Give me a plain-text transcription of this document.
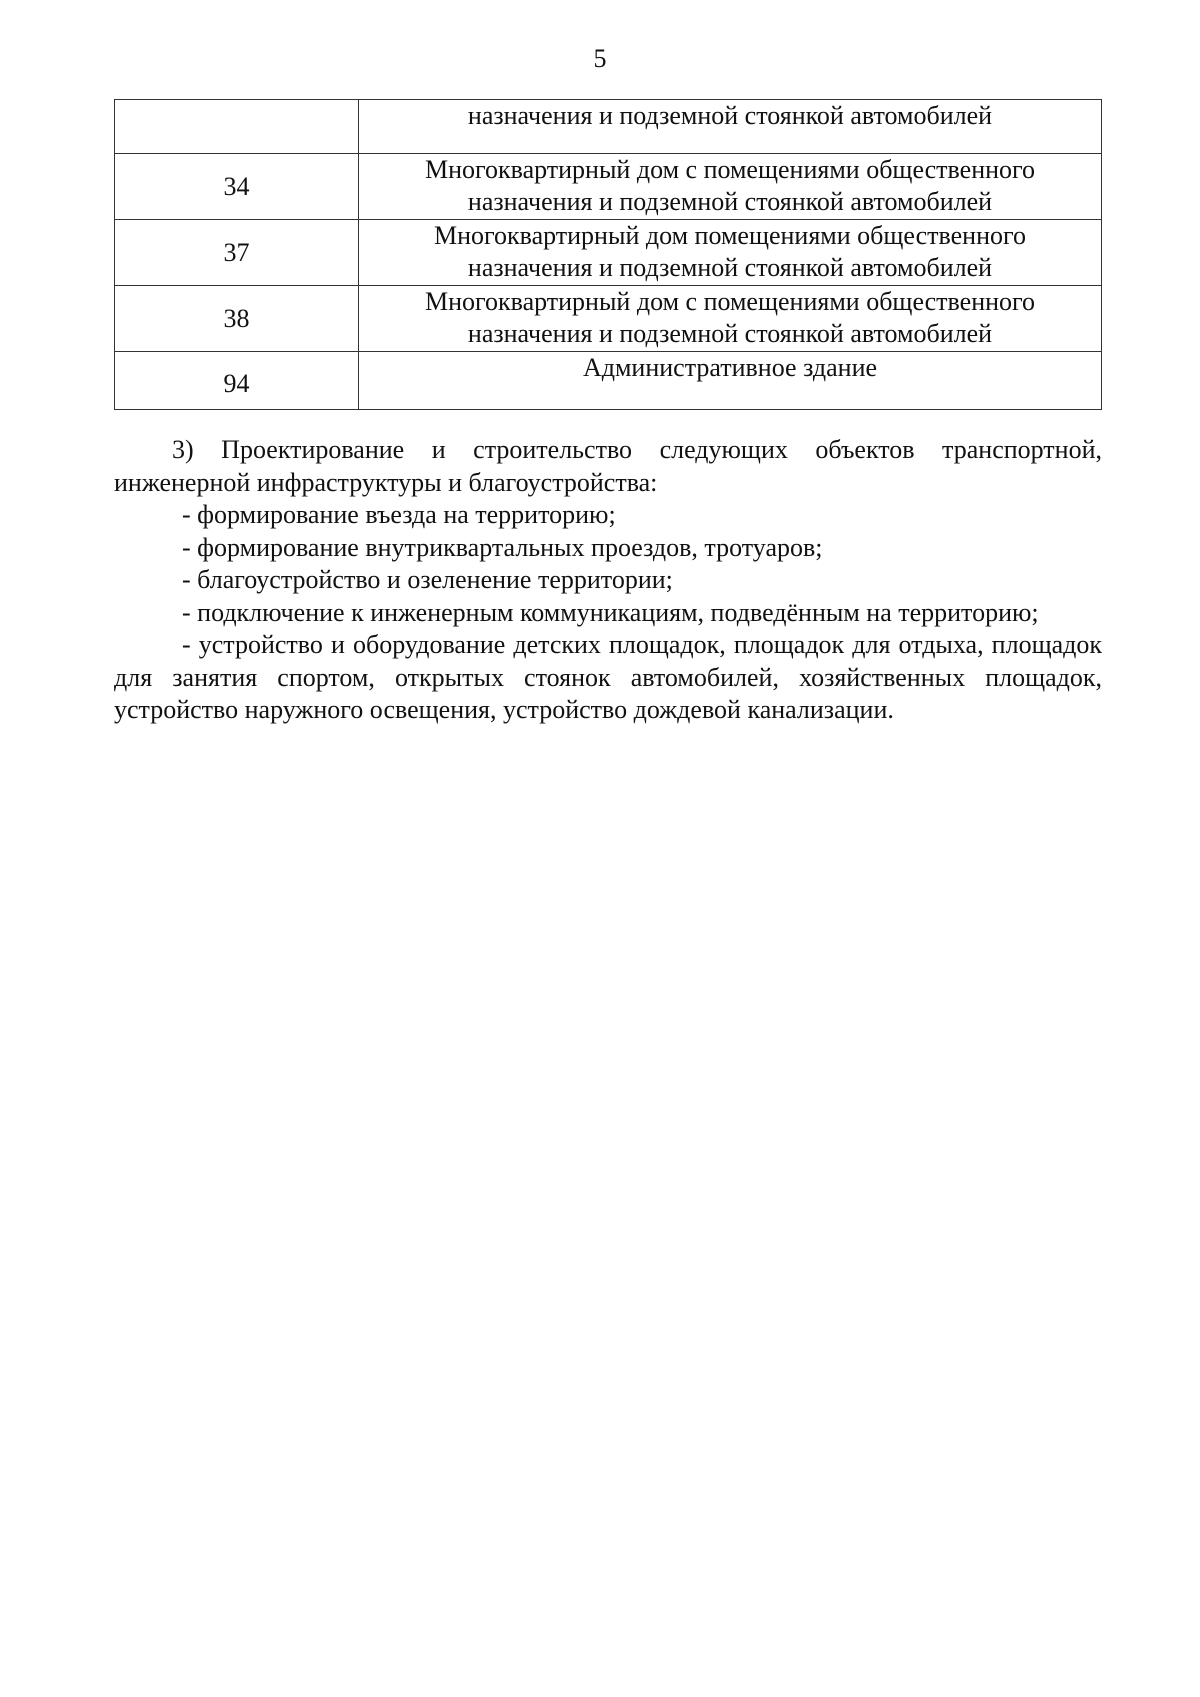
5
	назначения и подземной стоянкой автомобилей
34	Многоквартирный дом с помещениями общественного
назначения и подземной стоянкой автомобилей

37	Многоквартирный дом помещениями общественного
назначения и подземной стоянкой автомобилей

38	Многоквартирный дом с помещениями общественного
назначения и подземной стоянкой автомобилей

94	Административное здание

3) Проектирование и строительство следующих объектов транспортной, инженерной инфраструктуры и благоустройства:

- формирование въезда на территорию;

- формирование внутриквартальных проездов, тротуаров;

- благоустройство и озеленение территории;

- подключение к инженерным коммуникациям, подведённым на территорию;

- устройство и оборудование детских площадок, площадок для отдыха, площадок для занятия спортом, открытых стоянок автомобилей, хозяйственных площадок, устройство наружного освещения, устройство дождевой канализации.
